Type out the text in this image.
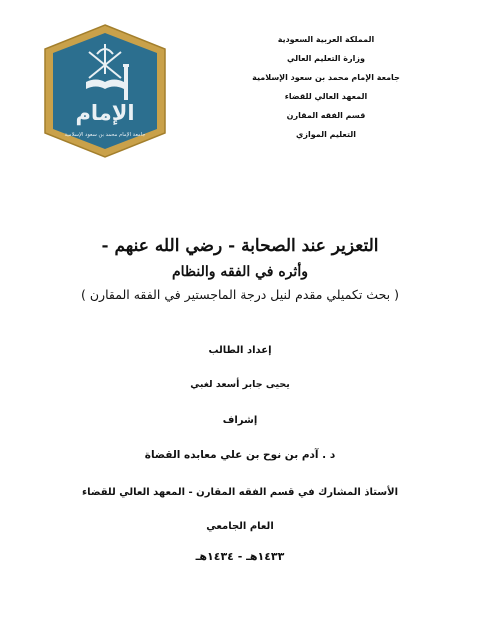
الإمام
جامعة الإمام محمد بن سعود الإسلامية
المملكة العربية السعودية
وزارة التعليم العالي
جامعة الإمام محمد بن سعود الإسلامية
المعهد العالي للقضاء
قسم الفقه المقارن
التعليم الموازي
التعزير عند الصحابة - رضي الله عنهم -
وأثره في الفقه والنظام
( بحث تكميلي مقدم لنيل درجة الماجستير في الفقه المقارن )
إعداد الطالب
يحيى جابر أسعد لغبي
إشراف
د . آدم بن نوح بن علي معابده القضاة
الأستاذ المشارك في قسم الفقه المقارن - المعهد العالي للقضاء
العام الجامعي
١٤٣٣هـ - ١٤٣٤هـ
